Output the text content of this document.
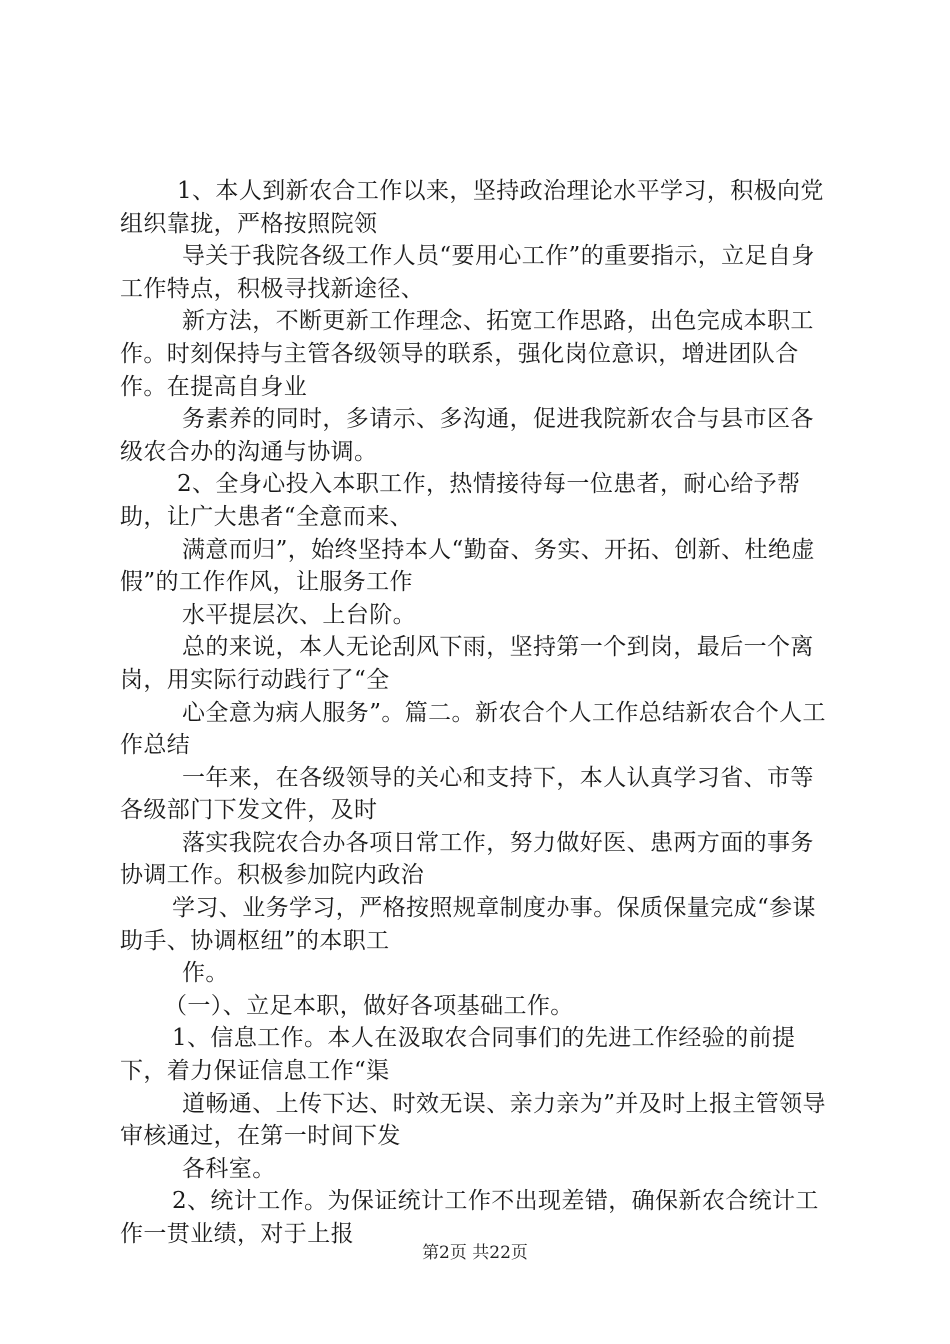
1、本人到新农合工作以来，坚持政治理论水平学习，积极向党组织靠拢，严格按照院领

导关于我院各级工作人员“要用心工作”的重要指示，立足自身工作特点，积极寻找新途径、

新方法，不断更新工作理念、拓宽工作思路，出色完成本职工作。时刻保持与主管各级领导的联系，强化岗位意识，增进团队合作。在提高自身业

务素养的同时，多请示、多沟通，促进我院新农合与县市区各级农合办的沟通与协调。

2、全身心投入本职工作，热情接待每一位患者，耐心给予帮助，让广大患者“全意而来、

满意而归”，始终坚持本人“勤奋、务实、开拓、创新、杜绝虚假”的工作作风，让服务工作

水平提层次、上台阶。

总的来说，本人无论刮风下雨，坚持第一个到岗，最后一个离岗，用实际行动践行了“全

心全意为病人服务”。篇二。新农合个人工作总结新农合个人工作总结

一年来，在各级领导的关心和支持下，本人认真学习省、市等各级部门下发文件，及时

落实我院农合办各项日常工作，努力做好医、患两方面的事务协调工作。积极参加院内政治

学习、业务学习，严格按照规章制度办事。保质保量完成“参谋助手、协调枢纽”的本职工

作。

（一）、立足本职，做好各项基础工作。

1、信息工作。本人在汲取农合同事们的先进工作经验的前提下，着力保证信息工作“渠

道畅通、上传下达、时效无误、亲力亲为”并及时上报主管领导审核通过，在第一时间下发

各科室。

2、统计工作。为保证统计工作不出现差错，确保新农合统计工作一贯业绩，对于上报

第2页 共22页
